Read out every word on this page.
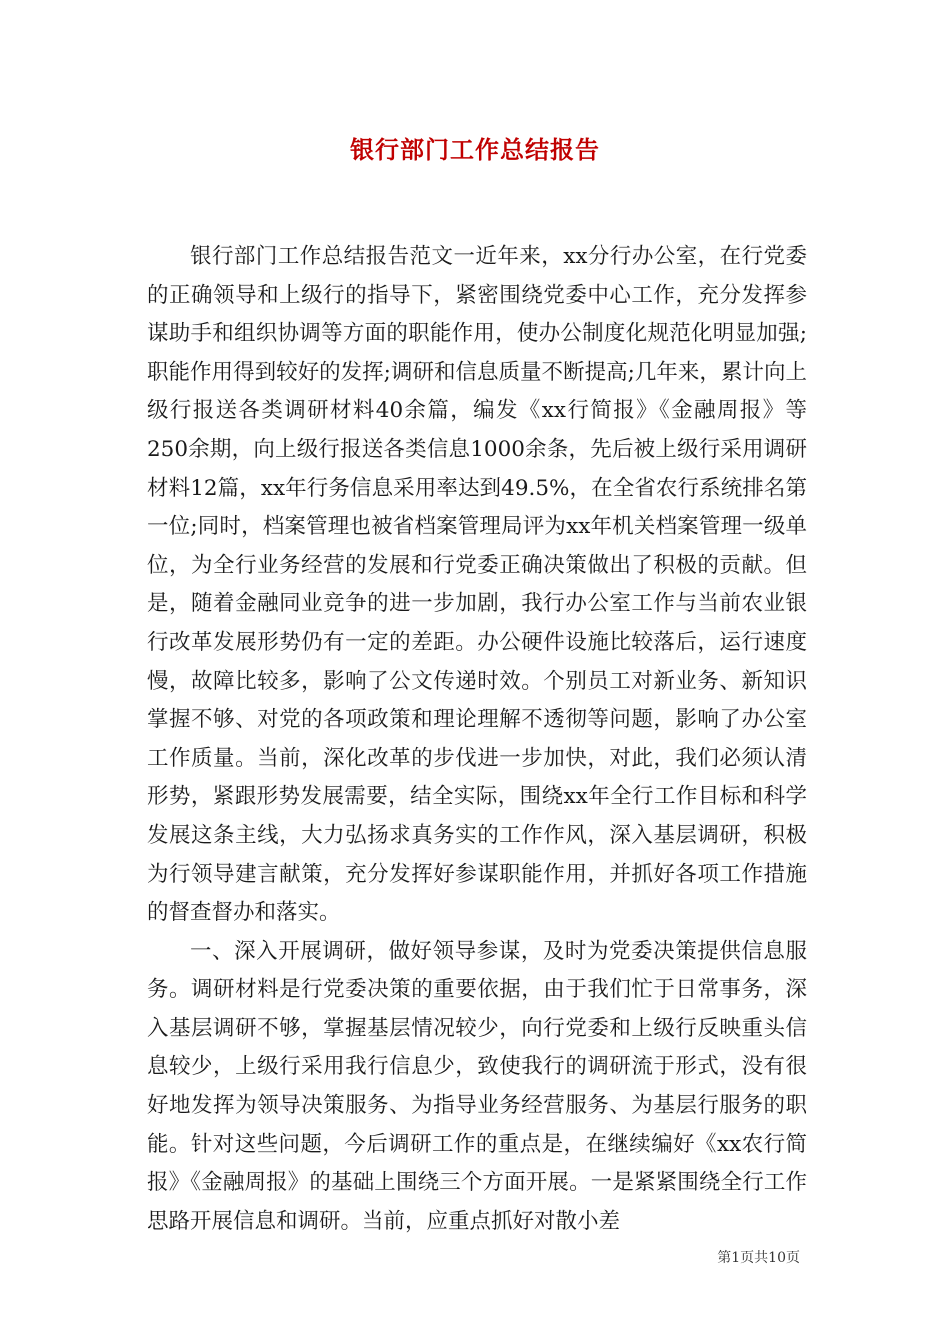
银行部门工作总结报告

银行部门工作总结报告范文一近年来，xx分行办公室，在行党委的正确领导和上级行的指导下，紧密围绕党委中心工作，充分发挥参谋助手和组织协调等方面的职能作用，使办公制度化规范化明显加强;职能作用得到较好的发挥;调研和信息质量不断提高;几年来，累计向上级行报送各类调研材料40余篇，编发《xx行简报》《金融周报》等250余期，向上级行报送各类信息1000余条，先后被上级行采用调研材料12篇，xx年行务信息采用率达到49.5%，在全省农行系统排名第一位;同时，档案管理也被省档案管理局评为xx年机关档案管理一级单位，为全行业务经营的发展和行党委正确决策做出了积极的贡献。但是，随着金融同业竞争的进一步加剧，我行办公室工作与当前农业银行改革发展形势仍有一定的差距。办公硬件设施比较落后，运行速度慢，故障比较多，影响了公文传递时效。个别员工对新业务、新知识掌握不够、对党的各项政策和理论理解不透彻等问题，影响了办公室工作质量。当前，深化改革的步伐进一步加快，对此，我们必须认清形势，紧跟形势发展需要，结全实际，围绕xx年全行工作目标和科学发展这条主线，大力弘扬求真务实的工作作风，深入基层调研，积极为行领导建言献策，充分发挥好参谋职能作用，并抓好各项工作措施的督查督办和落实。

一、深入开展调研，做好领导参谋，及时为党委决策提供信息服务。调研材料是行党委决策的重要依据，由于我们忙于日常事务，深入基层调研不够，掌握基层情况较少，向行党委和上级行反映重头信息较少，上级行采用我行信息少，致使我行的调研流于形式，没有很好地发挥为领导决策服务、为指导业务经营服务、为基层行服务的职能。针对这些问题，今后调研工作的重点是，在继续编好《xx农行简报》《金融周报》的基础上围绕三个方面开展。一是紧紧围绕全行工作思路开展信息和调研。当前，应重点抓好对散小差

第1页共10页
